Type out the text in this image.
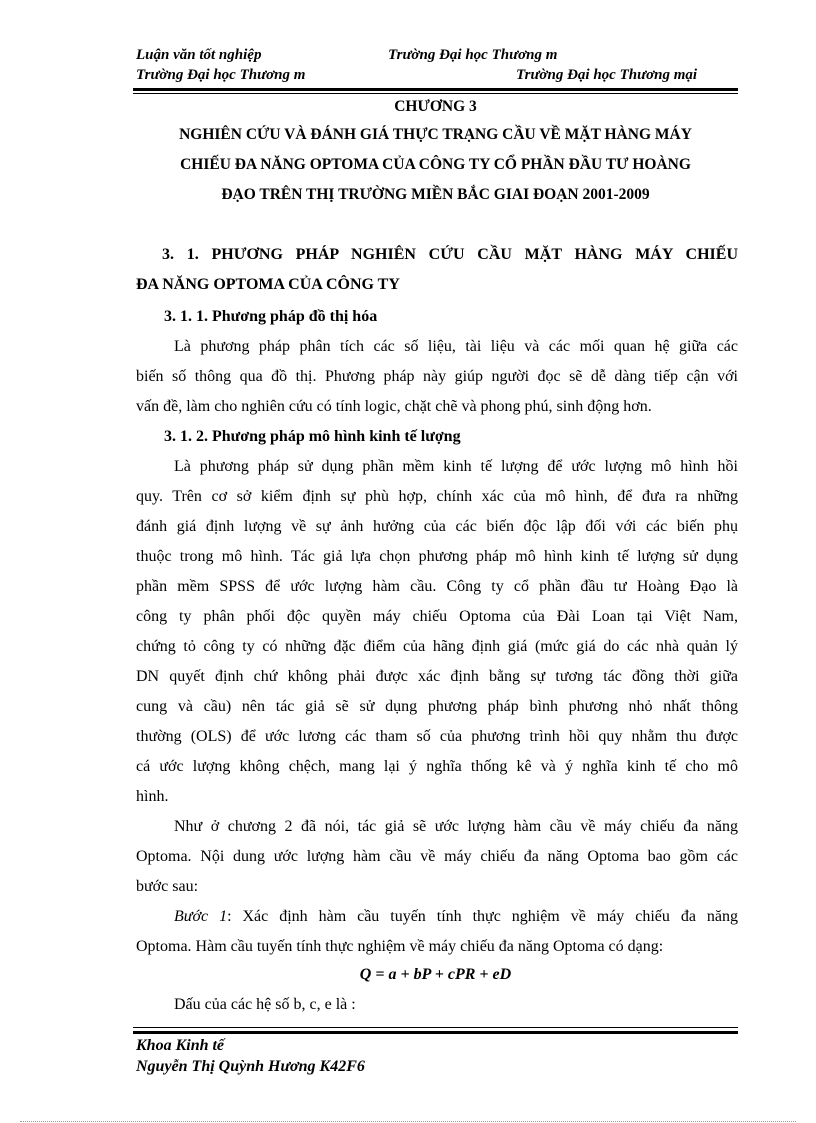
Luận văn tốt nghiệp	Trường Đại học Thương m
Trường Đại học Thương m	Trường Đại học Thương mại
CHƯƠNG 3
NGHIÊN CỨU VÀ ĐÁNH GIÁ THỰC TRẠNG CẦU VỀ MẶT HÀNG MÁY
CHIẾU ĐA NĂNG OPTOMA CỦA CÔNG TY CỔ PHẦN ĐẦU TƯ HOÀNG
ĐẠO TRÊN THỊ TRƯỜNG MIỀN BẮC GIAI ĐOẠN 2001-2009
3. 1. PHƯƠNG PHÁP NGHIÊN CỨU CẦU MẶT HÀNG MÁY CHIẾU
ĐA NĂNG OPTOMA CỦA CÔNG TY
3. 1. 1. Phương pháp đồ thị hóa
Là phương pháp phân tích các số liệu, tài liệu và các mối quan hệ giữa các
biến số thông qua đồ thị. Phương pháp này giúp người đọc sẽ dễ dàng tiếp cận với
vấn đề, làm cho nghiên cứu có tính logic, chặt chẽ và phong phú, sinh động hơn.
3. 1. 2. Phương pháp mô hình kinh tế lượng
Là phương pháp sử dụng phần mềm kinh tế lượng để ước lượng mô hình hồi
quy. Trên cơ sở kiểm định sự phù hợp, chính xác của mô hình, để đưa ra những
đánh giá định lượng về sự ảnh hưởng của các biến độc lập đối với các biến phụ
thuộc trong mô hình. Tác giả lựa chọn phương pháp mô hình kinh tế lượng sử dụng
phần mềm SPSS để ước lượng hàm cầu. Công ty cổ phần đầu tư Hoàng Đạo là
công ty phân phối độc quyền máy chiếu Optoma của Đài Loan tại Việt Nam,
chứng tỏ công ty có những đặc điểm của hãng định giá (mức giá do các nhà quản lý
DN quyết định chứ không phải được xác định bằng sự tương tác đồng thời giữa
cung và cầu) nên tác giả sẽ sử dụng phương pháp bình phương nhỏ nhất thông
thường (OLS) để ước lương các tham số của phương trình hồi quy nhằm thu được
cá ước lượng không chệch, mang lại ý nghĩa thống kê và ý nghĩa kinh tế cho mô
hình.
Như ở chương 2 đã nói, tác giả sẽ ước lượng hàm cầu về máy chiếu đa năng
Optoma. Nội dung ước lượng hàm cầu về máy chiếu đa năng Optoma bao gồm các
bước sau:
Bước 1: Xác định hàm cầu tuyến tính thực nghiệm về máy chiếu đa năng
Optoma. Hàm cầu tuyến tính thực nghiệm về máy chiếu đa năng Optoma có dạng:
Q = a + bP + cPR + eD
Dấu của các hệ số b, c, e là :
Khoa Kinh tế
Nguyễn Thị Quỳnh Hương K42F6
